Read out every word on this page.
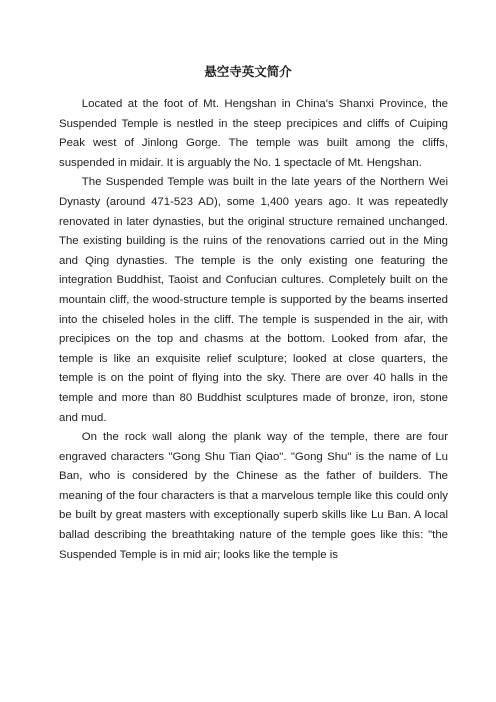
悬空寺英文简介

Located at the foot of Mt. Hengshan in China's Shanxi Province, the Suspended Temple is nestled in the steep precipices and cliffs of Cuiping Peak west of Jinlong Gorge. The temple was built among the cliffs, suspended in midair. It is arguably the No. 1 spectacle of Mt. Hengshan.

The Suspended Temple was built in the late years of the Northern Wei Dynasty (around 471-523 AD), some 1,400 years ago. It was repeatedly renovated in later dynasties, but the original structure remained unchanged. The existing building is the ruins of the renovations carried out in the Ming and Qing dynasties. The temple is the only existing one featuring the integration Buddhist, Taoist and Confucian cultures. Completely built on the mountain cliff, the wood-structure temple is supported by the beams inserted into the chiseled holes in the cliff. The temple is suspended in the air, with precipices on the top and chasms at the bottom. Looked from afar, the temple is like an exquisite relief sculpture; looked at close quarters, the temple is on the point of flying into the sky. There are over 40 halls in the temple and more than 80 Buddhist sculptures made of bronze, iron, stone and mud.

On the rock wall along the plank way of the temple, there are four engraved characters "Gong Shu Tian Qiao". "Gong Shu" is the name of Lu Ban, who is considered by the Chinese as the father of builders. The meaning of the four characters is that a marvelous temple like this could only be built by great masters with exceptionally superb skills like Lu Ban. A local ballad describing the breathtaking nature of the temple goes like this: "the Suspended Temple is in mid air; looks like the temple is
